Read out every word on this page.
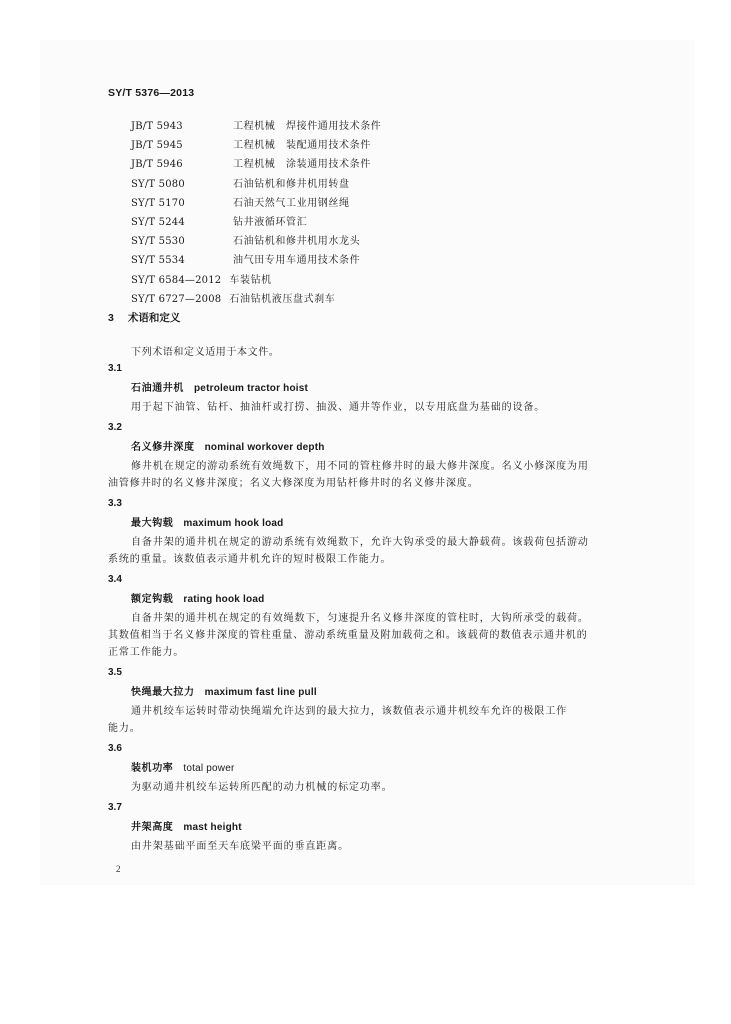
SY/T 5376—2013
JB/T 5943	工程机械　焊接件通用技术条件
JB/T 5945	工程机械　装配通用技术条件
JB/T 5946	工程机械　涂装通用技术条件
SY/T 5080	石油钻机和修井机用转盘
SY/T 5170	石油天然气工业用钢丝绳
SY/T 5244	钻井液循环管汇
SY/T 5530	石油钻机和修井机用水龙头
SY/T 5534	油气田专用车通用技术条件
SY/T 6584—2012 车装钻机
SY/T 6727—2008 石油钻机液压盘式刹车
3 术语和定义
下列术语和定义适用于本文件。
3.1
石油通井机 petroleum tractor hoist
用于起下油管、钻杆、抽油杆或打捞、抽汲、通井等作业，以专用底盘为基础的设备。
3.2
名义修井深度 nominal workover depth
修井机在规定的游动系统有效绳数下，用不同的管柱修井时的最大修井深度。名义小修深度为用
油管修井时的名义修井深度；名义大修深度为用钻杆修井时的名义修井深度。
3.3
最大钩载 maximum hook load
自备井架的通井机在规定的游动系统有效绳数下，允许大钩承受的最大静载荷。该载荷包括游动
系统的重量。该数值表示通井机允许的短时极限工作能力。
3.4
额定钩载 rating hook load
自备井架的通井机在规定的有效绳数下，匀速提升名义修井深度的管柱时，大钩所承受的载荷。
其数值相当于名义修井深度的管柱重量、游动系统重量及附加载荷之和。该载荷的数值表示通井机的
正常工作能力。
3.5
快绳最大拉力 maximum fast line pull
通井机绞车运转时带动快绳端允许达到的最大拉力，该数值表示通井机绞车允许的极限工作
能力。
3.6
装机功率 total power
为驱动通井机绞车运转所匹配的动力机械的标定功率。
3.7
井架高度 mast height
由井架基础平面至天车底梁平面的垂直距离。
2
